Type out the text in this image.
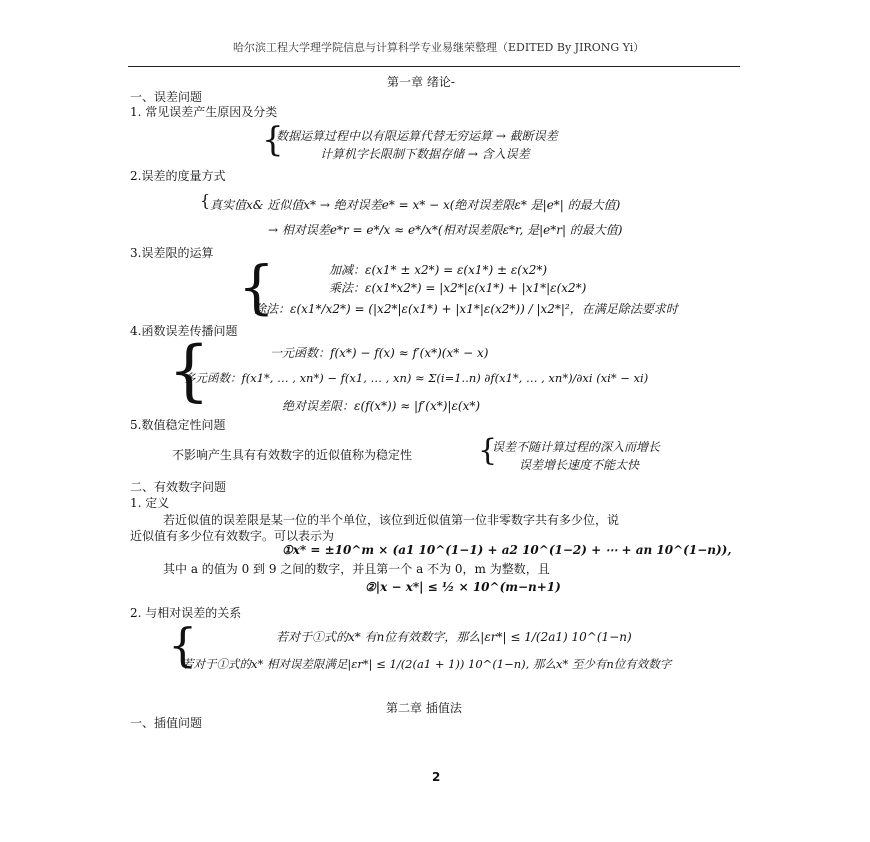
哈尔滨工程大学理学院信息与计算科学专业易继荣整理（EDITED By JIRONG Yi）
第一章 绪论-
一、误差问题
1. 常见误差产生原因及分类
{
数据运算过程中以有限运算代替无穷运算 → 截断误差
计算机字长限制下数据存储 → 含入误差
2.误差的度量方式
{ 真实值x& 近似值x* → 绝对误差e* = x* − x(绝对误差限ε* 是|e*| 的最大值)
→ 相对误差e*r = e*/x ≈ e*/x*(相对误差限ε*r, 是|e*r| 的最大值)
3.误差限的运算 {	加减：ε(x1* ± x2*) = ε(x1*) ± ε(x2*)
乘法：ε(x1*x2*) = |x2*|ε(x1*) + |x1*|ε(x2*)
除法：ε(x1*/x2*) = (|x2*|ε(x1*) + |x1*|ε(x2*)) / |x2*|²，在满足除法要求时
4.函数误差传播问题
{	一元函数：f(x*) − f(x) ≈ f′(x*)(x* − x)
多元函数：f(x1*, … , xn*) − f(x1, … , xn) ≈ Σ(i=1..n) ∂f(x1*, … , xn*)/∂xi (xi* − xi)
绝对误差限：ε(f(x*)) ≈ |f′(x*)|ε(x*)
5.数值稳定性问题
不影响产生具有有效数字的近似值称为稳定性 {
误差不随计算过程的深入而增长
误差增长速度不能太快
二、有效数字问题
1. 定义
若近似值的误差限是某一位的半个单位，该位到近似值第一位非零数字共有多少位，说
近似值有多少位有效数字。可以表示为
①x* = ±10^m × (a1 10^(1−1) + a2 10^(1−2) + ⋯ + an 10^(1−n)),
其中 a 的值为 0 到 9 之间的数字，并且第一个 a 不为 0，m 为整数，且
②|x − x*| ≤ ½ × 10^(m−n+1)
2. 与相对误差的关系
{	若对于①式的x* 有n位有效数字，那么|εr*| ≤ 1/(2a1) 10^(1−n)
若对于①式的x* 相对误差限满足|εr*| ≤ 1/(2(a1 + 1)) 10^(1−n), 那么x* 至少有n位有效数字
第二章 插值法
一、插值问题
2
